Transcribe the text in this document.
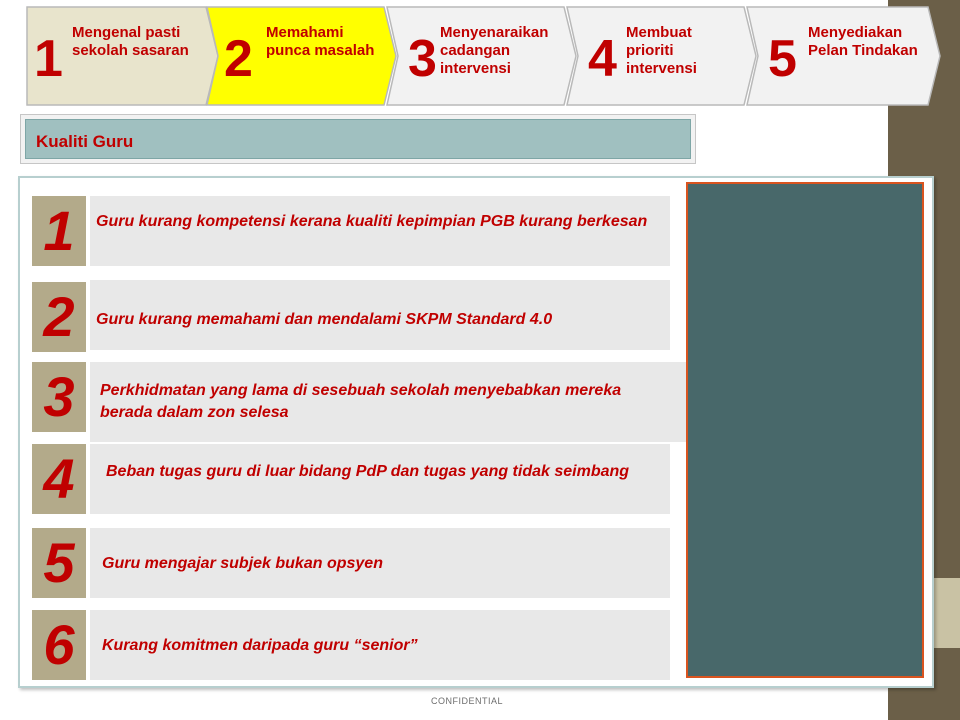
1 Mengenal pasti sekolah sasaran 2 Memahami punca masalah 3 Menyenaraikan cadangan intervensi	4 Membuat prioriti intervensi	5 Menyediakan Pelan Tindakan
Kualiti Guru
1	Guru kurang kompetensi kerana kualiti kepimpian PGB kurang berkesan
2	Guru kurang memahami dan mendalami SKPM Standard 4.0
3	Perkhidmatan yang lama di sesebuah sekolah menyebabkan mereka berada dalam zon selesa
4	Beban tugas guru di luar bidang PdP dan tugas yang tidak seimbang
5	Guru mengajar subjek bukan opsyen
6	Kurang komitmen daripada guru “senior”
CONFIDENTIAL
